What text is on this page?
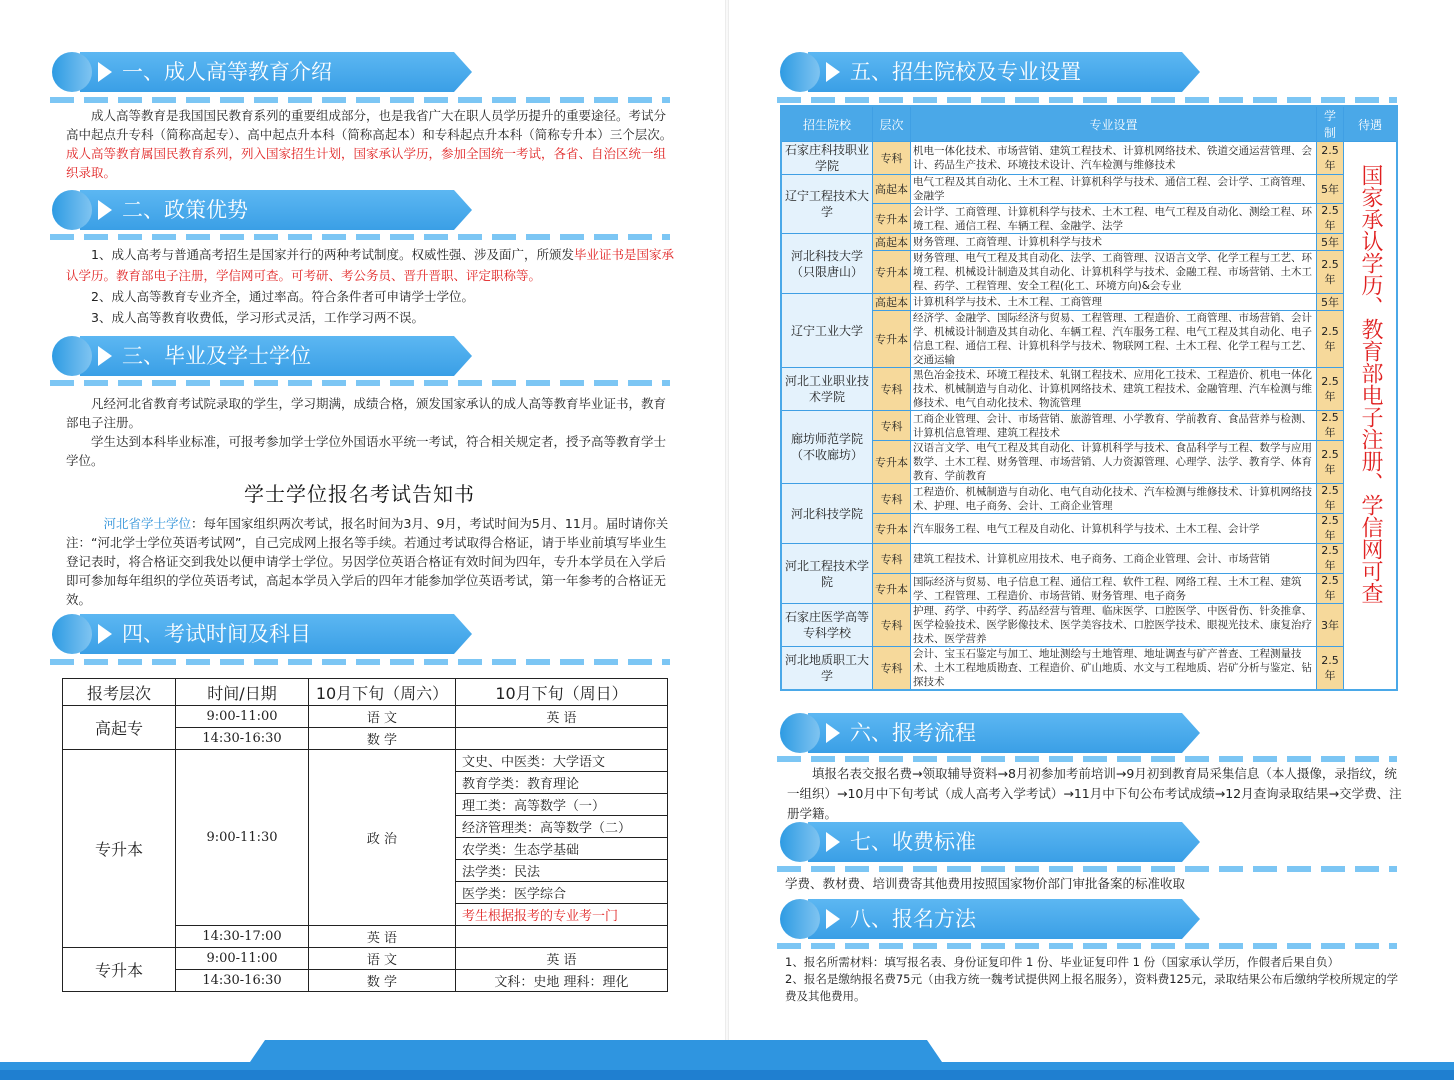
一、成人高等教育介绍

成人高等教育是我国国民教育系列的重要组成部分，也是我省广大在职人员学历提升的重要途径。考试分高中起点升专科（简称高起专）、高中起点升本科（简称高起本）和专科起点升本科（简称专升本）三个层次。成人高等教育属国民教育系列，列入国家招生计划，国家承认学历，参加全国统一考试，各省、自治区统一组织录取。

二、政策优势

1、成人高考与普通高考招生是国家并行的两种考试制度。权威性强、涉及面广，所颁发毕业证书是国家承认学历。教育部电子注册，学信网可查。可考研、考公务员、晋升晋职、评定职称等。

2、成人高等教育专业齐全，通过率高。符合条件者可申请学士学位。

3、成人高等教育收费低，学习形式灵活，工作学习两不误。

三、毕业及学士学位

凡经河北省教育考试院录取的学生，学习期满，成绩合格，颁发国家承认的成人高等教育毕业证书，教育部电子注册。

学生达到本科毕业标准，可报考参加学士学位外国语水平统一考试，符合相关规定者，授予高等教育学士学位。

学士学位报名考试告知书

河北省学士学位：每年国家组织两次考试，报名时间为3月、9月，考试时间为5月、11月。届时请你关注：“河北学士学位英语考试网”，自己完成网上报名等手续。若通过考试取得合格证，请于毕业前填写毕业生登记表时，将合格证交到我处以便申请学士学位。另因学位英语合格证有效时间为四年，专升本学员在入学后即可参加每年组织的学位英语考试，高起本学员入学后的四年才能参加学位英语考试，第一年参考的合格证无效。

四、考试时间及科目
报考层次	时间/日期	10月下旬（周六）	10月下旬（周日）
高起专	9:00-11:00	语 文	英 语
	14:30-16:30	数 学	
专升本	9:00-11:30	政 治	文史、中医类：大学语文
			教育学类：教育理论
			理工类：高等数学（一）
			经济管理类：高等数学（二）
			农学类：生态学基础
			法学类：民法
			医学类：医学综合
			考生根据报考的专业考一门
	14:30-17:00	英 语	
专升本	9:00-11:00	语 文	英 语
	14:30-16:30	数 学	文科：史地 理科：理化
五、招生院校及专业设置
招生院校	层次	专业设置	学制	待遇
石家庄科技职业学院	专科	机电一体化技术、市场营销、建筑工程技术、计算机网络技术、铁道交通运营管理、会计、药品生产技术、环境技术设计、汽车检测与维修技术	2.5年	国家承认学历、教育部电子注册、学信网可查

辽宁工程技术大学	高起本	电气工程及其自动化、土木工程、计算机科学与技术、通信工程、会计学、工商管理、金融学	5年	
	专升本	会计学、工商管理、计算机科学与技术、土木工程、电气工程及自动化、测绘工程、环境工程、通信工程、车辆工程、金融学、法学	2.5年	
河北科技大学（只限唐山）	高起本	财务管理、工商管理、计算机科学与技术	5年	
	专升本	财务管理、电气工程及其自动化、法学、工商管理、汉语言文学、化学工程与工艺、环境工程、机械设计制造及其自动化、计算机科学与技术、金融工程、市场营销、土木工程、药学、工程管理、安全工程(化工、环境方向)&会专业	2.5年	
辽宁工业大学	高起本	计算机科学与技术、土木工程、工商管理	5年	
	专升本	经济学、金融学、国际经济与贸易、工程管理、工程造价、工商管理、市场营销、会计学、机械设计制造及其自动化、车辆工程、汽车服务工程、电气工程及其自动化、电子信息工程、通信工程、计算机科学与技术、物联网工程、土木工程、化学工程与工艺、交通运输	2.5年	
河北工业职业技术学院	专科	黑色冶金技术、环境工程技术、轧钢工程技术、应用化工技术、工程造价、机电一体化技术、机械制造与自动化、计算机网络技术、建筑工程技术、金融管理、汽车检测与维修技术、电气自动化技术、物流管理	2.5年	
廊坊师范学院（不收廊坊）	专科	工商企业管理、会计、市场营销、旅游管理、小学教育、学前教育、食品营养与检测、计算机信息管理、建筑工程技术	2.5年	
	专升本	汉语言文学、电气工程及其自动化、计算机科学与技术、食品科学与工程、数学与应用数学、土木工程、财务管理、市场营销、人力资源管理、心理学、法学、教育学、体育教育、学前教育	2.5年	
河北科技学院	专科	工程造价、机械制造与自动化、电气自动化技术、汽车检测与维修技术、计算机网络技术、护理、电子商务、会计、工商企业管理	2.5年	
	专升本	汽车服务工程、电气工程及自动化、计算机科学与技术、土木工程、会计学	2.5年	
河北工程技术学院	专科	建筑工程技术、计算机应用技术、电子商务、工商企业管理、会计、市场营销	2.5年	
	专升本	国际经济与贸易、电子信息工程、通信工程、软件工程、网络工程、土木工程、建筑学、工程管理、工程造价、市场营销、财务管理、电子商务	2.5年	
石家庄医学高等专科学校	专科	护理、药学、中药学、药品经营与管理、临床医学、口腔医学、中医骨伤、针灸推拿、医学检验技术、医学影像技术、医学美容技术、口腔医学技术、眼视光技术、康复治疗技术、医学营养	3年	
河北地质职工大学	专科	会计、宝玉石鉴定与加工、地址测绘与土地管理、地址调查与矿产普查、工程测量技术、土木工程地质勘查、工程造价、矿山地质、水文与工程地质、岩矿分析与鉴定、钻探技术	2.5年	
六、报考流程

填报名表交报名费→领取辅导资料→8月初参加考前培训→9月初到教育局采集信息（本人摄像，录指纹，统一组织）→10月中下旬考试（成人高考入学考试）→11月中下旬公布考试成绩→12月查询录取结果→交学费、注册学籍。

七、收费标准

学费、教材费、培训费寄其他费用按照国家物价部门审批备案的标准收取

八、报名方法

1、报名所需材料：填写报名表、身份证复印件 1 份、毕业证复印件 1 份（国家承认学历，作假者后果自负）

2、报名是缴纳报名费75元（由我方统一魏考试提供网上报名服务），资料费125元，录取结果公布后缴纳学校所规定的学费及其他费用。
